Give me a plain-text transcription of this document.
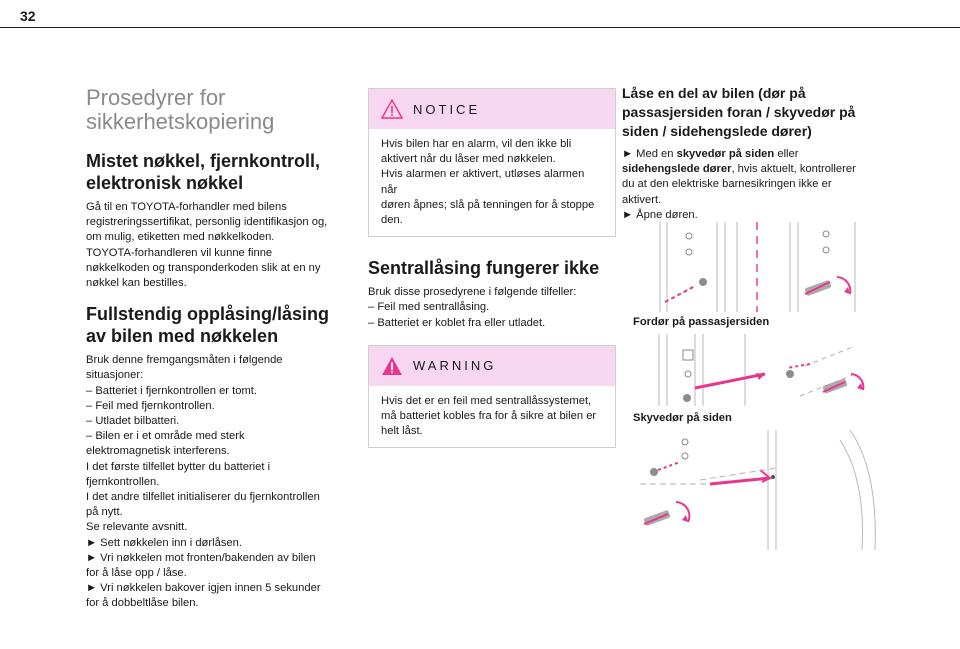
32
Prosedyrer for
sikkerhetskopiering
Mistet nøkkel, fjernkontroll,
elektronisk nøkkel
Gå til en TOYOTA-forhandler med bilens
registreringssertifikat, personlig identifikasjon og,
om mulig, etiketten med nøkkelkoden.
TOYOTA-forhandleren vil kunne finne
nøkkelkoden og transponderkoden slik at en ny
nøkkel kan bestilles.
Fullstendig opplåsing/låsing
av bilen med nøkkelen
Bruk denne fremgangsmåten i følgende
situasjoner:
– Batteriet i fjernkontrollen er tomt.
– Feil med fjernkontrollen.
– Utladet bilbatteri.
– Bilen er i et område med sterk
elektromagnetisk interferens.
I det første tilfellet bytter du batteriet i
fjernkontrollen.
I det andre tilfellet initialiserer du fjernkontrollen
på nytt.
Se relevante avsnitt.
► Sett nøkkelen inn i dørlåsen.
► Vri nøkkelen mot fronten/bakenden av bilen
for å låse opp / låse.
► Vri nøkkelen bakover igjen innen 5 sekunder
for å dobbeltlåse bilen.
NOTICE
Hvis bilen har en alarm, vil den ikke bli
aktivert når du låser med nøkkelen.
Hvis alarmen er aktivert, utløses alarmen når
døren åpnes; slå på tenningen for å stoppe
den.
Sentrallåsing fungerer ikke
Bruk disse prosedyrene i følgende tilfeller:
– Feil med sentrallåsing.
– Batteriet er koblet fra eller utladet.
WARNING
Hvis det er en feil med sentrallåssystemet,
må batteriet kobles fra for å sikre at bilen er
helt låst.
Låse en del av bilen (dør på
passasjersiden foran / skyvedør på
siden / sidehengslede dører)
► Med en skyvedør på siden eller
sidehengslede dører, hvis aktuelt, kontrollerer
du at den elektriske barnesikringen ikke er
aktivert.
► Åpne døren.
Fordør på passasjersiden
Skyvedør på siden
